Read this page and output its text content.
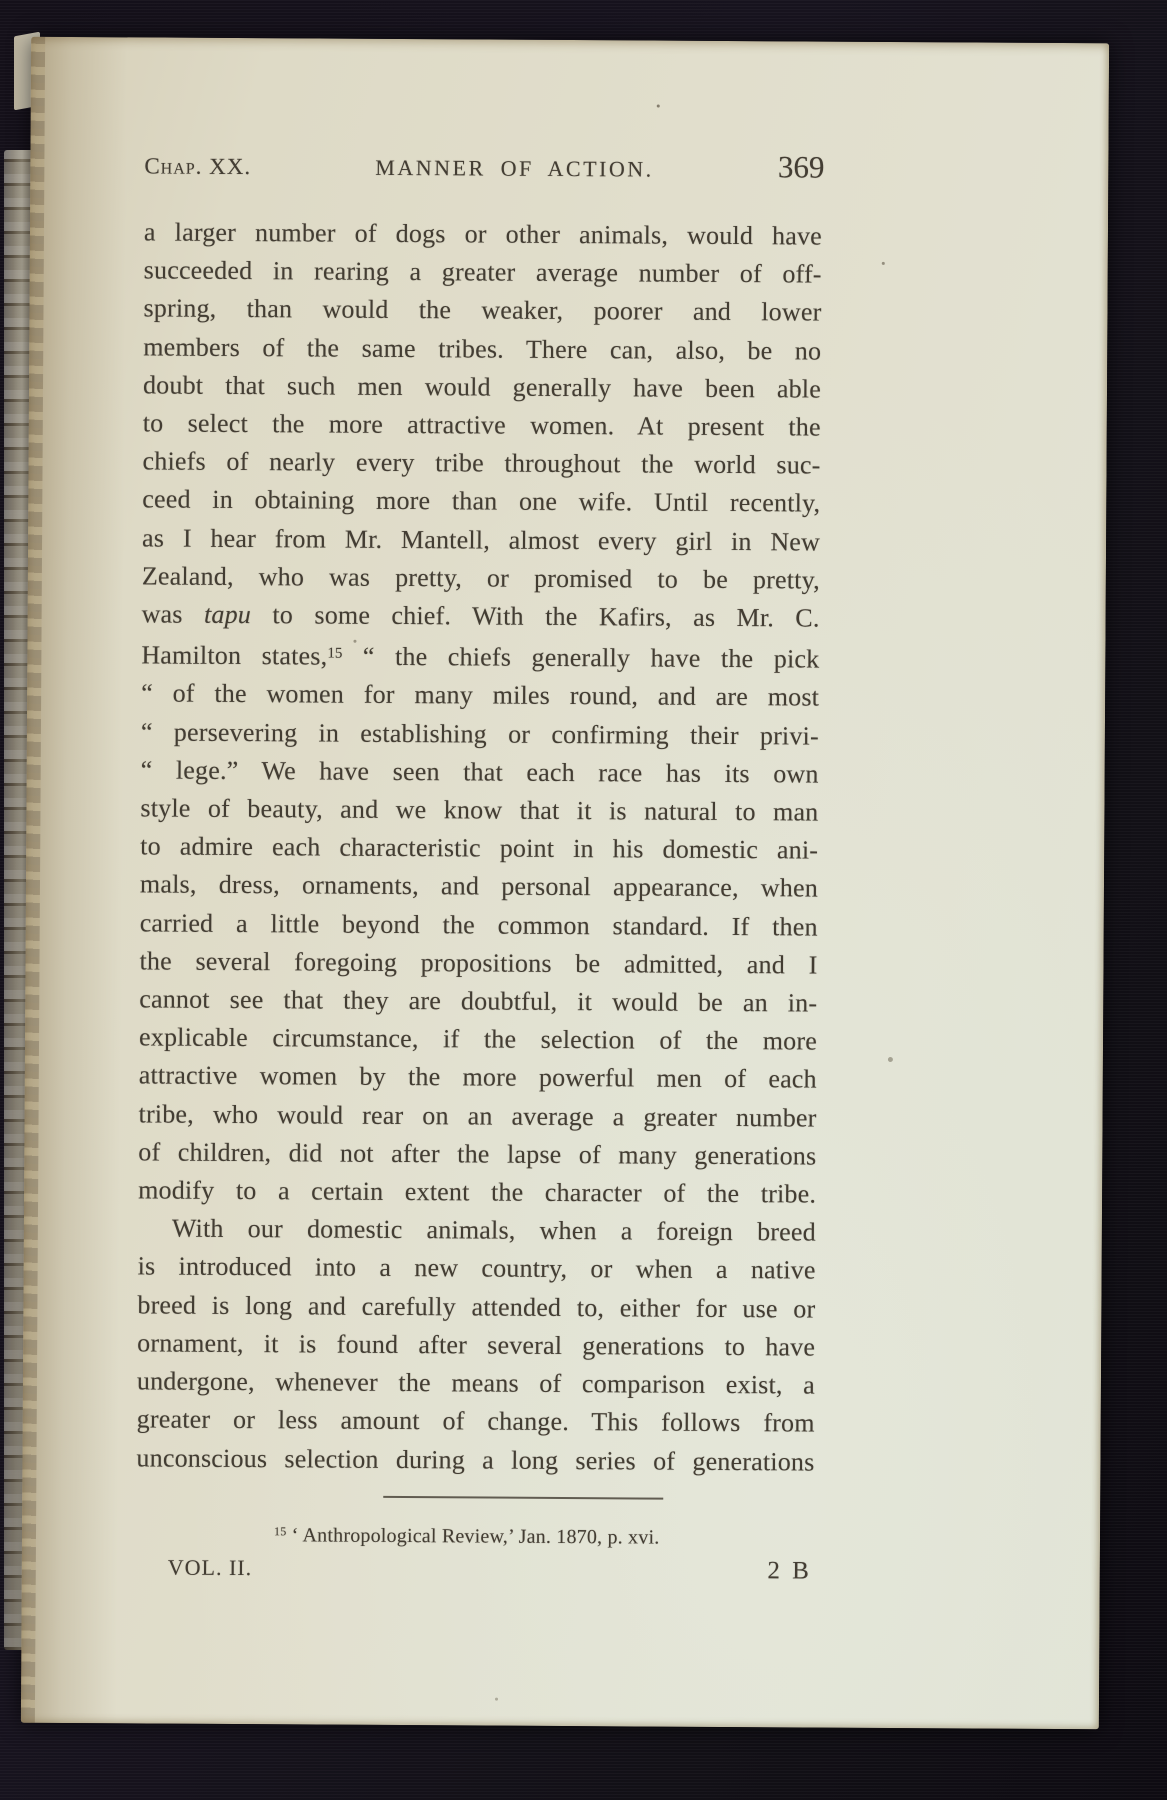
Chap. XX.	MANNER OF ACTION.	369
a larger number of dogs or other animals, would have
succeeded in rearing a greater average number of off-
spring, than would the weaker, poorer and lower
members of the same tribes. There can, also, be no
doubt that such men would generally have been able
to select the more attractive women. At present the
chiefs of nearly every tribe throughout the world suc-
ceed in obtaining more than one wife. Until recently,
as I hear from Mr. Mantell, almost every girl in New
Zealand, who was pretty, or promised to be pretty,
was tapu to some chief. With the Kafirs, as Mr. C.
Hamilton states,$^{15}$ “ the chiefs generally have the pick
“ of the women for many miles round, and are most
“ persevering in establishing or confirming their privi-
“ lege.” We have seen that each race has its own
style of beauty, and we know that it is natural to man
to admire each characteristic point in his domestic ani-
mals, dress, ornaments, and personal appearance, when
carried a little beyond the common standard. If then
the several foregoing propositions be admitted, and I
cannot see that they are doubtful, it would be an in-
explicable circumstance, if the selection of the more
attractive women by the more powerful men of each
tribe, who would rear on an average a greater number
of children, did not after the lapse of many generations
modify to a certain extent the character of the tribe.
With our domestic animals, when a foreign breed
is introduced into a new country, or when a native
breed is long and carefully attended to, either for use or
ornament, it is found after several generations to have
undergone, whenever the means of comparison exist, a
greater or less amount of change. This follows from
unconscious selection during a long series of generations
$^{15}$ ‘ Anthropological Review,’ Jan. 1870, p. xvi.
VOL. II.	2 B
